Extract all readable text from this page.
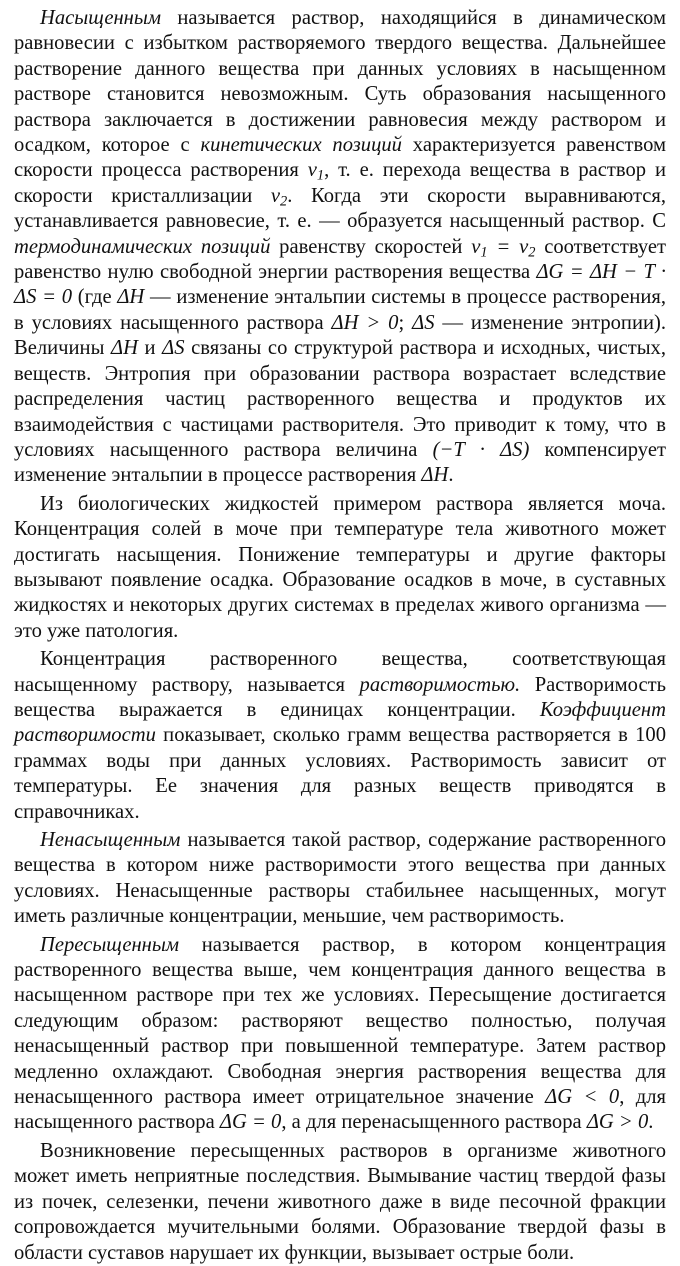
Насыщенным называется раствор, находящийся в динамическом равновесии с избытком растворяемого твердого вещества. Дальнейшее растворение данного вещества при данных условиях в насыщенном растворе становится невозможным. Суть образования насыщенного раствора заключается в достижении равновесия между раствором и осадком, которое с кинетических позиций характеризуется равенством скорости процесса растворения $v_1$, т. е. перехода вещества в раствор и скорости кристаллизации $v_2$. Когда эти скорости выравниваются, устанавливается равновесие, т. е. — образуется насыщенный раствор. С термодинамических позиций равенству скоростей $v_1 = v_2$ соответствует равенство нулю свободной энергии растворения вещества ΔG = ΔH − T · ΔS = 0 (где ΔH — изменение энтальпии системы в процессе растворения, в условиях насыщенного раствора ΔH > 0; ΔS — изменение энтропии). Величины ΔH и ΔS связаны со структурой раствора и исходных, чистых, веществ. Энтропия при образовании раствора возрастает вследствие распределения частиц растворенного вещества и продуктов их взаимодействия с частицами растворителя. Это приводит к тому, что в условиях насыщенного раствора величина (−T · ΔS) компенсирует изменение энтальпии в процессе растворения ΔH.

Из биологических жидкостей примером раствора является моча. Концентрация солей в моче при температуре тела животного может достигать насыщения. Понижение температуры и другие факторы вызывают появление осадка. Образование осадков в моче, в суставных жидкостях и некоторых других системах в пределах живого организма — это уже патология.

Концентрация растворенного вещества, соответствующая насыщенному раствору, называется растворимостью. Растворимость вещества выражается в единицах концентрации. Коэффициент растворимости показывает, сколько грамм вещества растворяется в 100 граммах воды при данных условиях. Растворимость зависит от температуры. Ее значения для разных веществ приводятся в справочниках.

Ненасыщенным называется такой раствор, содержание растворенного вещества в котором ниже растворимости этого вещества при данных условиях. Ненасыщенные растворы стабильнее насыщенных, могут иметь различные концентрации, меньшие, чем растворимость.

Пересыщенным называется раствор, в котором концентрация растворенного вещества выше, чем концентрация данного вещества в насыщенном растворе при тех же условиях. Пересыщение достигается следующим образом: растворяют вещество полностью, получая ненасыщенный раствор при повышенной температуре. Затем раствор медленно охлаждают. Свободная энергия растворения вещества для ненасыщенного раствора имеет отрицательное значение ΔG < 0, для насыщенного раствора ΔG = 0, а для перенасыщенного раствора ΔG > 0.

Возникновение пересыщенных растворов в организме животного может иметь неприятные последствия. Вымывание частиц твердой фазы из почек, селезенки, печени животного даже в виде песочной фракции сопровождается мучительными болями. Образование твердой фазы в области суставов нарушает их функции, вызывает острые боли.
